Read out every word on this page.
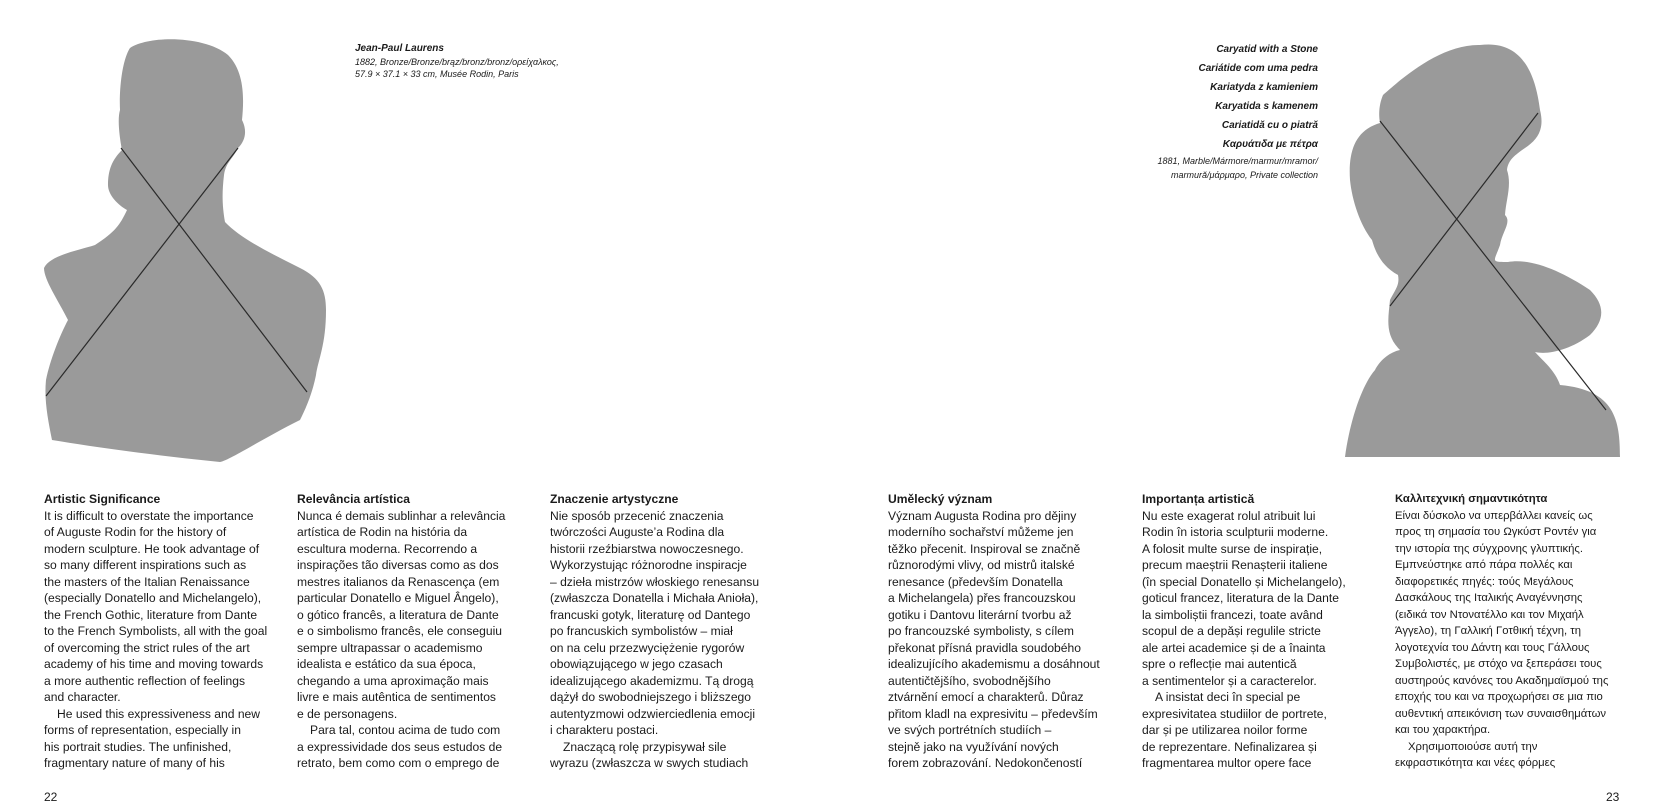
Jean-Paul Laurens

1882, Bronze/Bronze/brąz/bronz/bronz/ορείχαλκος,

57.9 × 37.1 × 33 cm, Musée Rodin, Paris

Caryatid with a Stone

Cariátide com uma pedra

Kariatyda z kamieniem

Karyatida s kamenem

Cariatidă cu o piatră

Καρυάτιδα με πέτρα

1881, Marble/Mármore/marmur/mramor/

marmură/μάρμαρο, Private collection

Artistic Significance

It is difficult to overstate the importance
of Auguste Rodin for the history of
modern sculpture. He took advantage of
so many different inspirations such as
the masters of the Italian Renaissance
(especially Donatello and Michelangelo),
the French Gothic, literature from Dante
to the French Symbolists, all with the goal
of overcoming the strict rules of the art
academy of his time and moving towards
a more authentic reflection of feelings
and character.

He used this expressiveness and new
forms of representation, especially in
his portrait studies. The unfinished,
fragmentary nature of many of his

Relevância artística

Nunca é demais sublinhar a relevância
artística de Rodin na história da
escultura moderna. Recorrendo a
inspirações tão diversas como as dos
mestres italianos da Renascença (em
particular Donatello e Miguel Ângelo),
o gótico francês, a literatura de Dante
e o simbolismo francês, ele conseguiu
sempre ultrapassar o academismo
idealista e estático da sua época,
chegando a uma aproximação mais
livre e mais autêntica de sentimentos
e de personagens.

Para tal, contou acima de tudo com
a expressividade dos seus estudos de
retrato, bem como com o emprego de

Znaczenie artystyczne

Nie sposób przecenić znaczenia
twórczości Auguste’a Rodina dla
historii rzeźbiarstwa nowoczesnego.
Wykorzystując różnorodne inspiracje
– dzieła mistrzów włoskiego renesansu
(zwłaszcza Donatella i Michała Anioła),
francuski gotyk, literaturę od Dantego
po francuskich symbolistów – miał
on na celu przezwyciężenie rygorów
obowiązującego w jego czasach
idealizującego akademizmu. Tą drogą
dążył do swobodniejszego i bliższego
autentyzmowi odzwierciedlenia emocji
i charakteru postaci.

Znaczącą rolę przypisywał sile
wyrazu (zwłaszcza w swych studiach

22

Umělecký význam

Význam Augusta Rodina pro dějiny
moderního sochařství můžeme jen
těžko přecenit. Inspiroval se značně
různorodými vlivy, od mistrů italské
renesance (především Donatella
a Michelangela) přes francouzskou
gotiku i Dantovu literární tvorbu až
po francouzské symbolisty, s cílem
překonat přísná pravidla soudobého
idealizujícího akademismu a dosáhnout
autentičtějšího, svobodnějšího
ztvárnění emocí a charakterů. Důraz
přitom kladl na expresivitu – především
ve svých portrétních studiích –
stejně jako na využívání nových
forem zobrazování. Nedokončeností

Importanța artistică

Nu este exagerat rolul atribuit lui
Rodin în istoria sculpturii moderne.
A folosit multe surse de inspirație,
precum maeștrii Renașterii italiene
(în special Donatello și Michelangelo),
goticul francez, literatura de la Dante
la simboliștii francezi, toate având
scopul de a depăși regulile stricte
ale artei academice și de a înainta
spre o reflecție mai autentică
a sentimentelor și a caracterelor.

A insistat deci în special pe
expresivitatea studiilor de portrete,
dar și pe utilizarea noilor forme
de reprezentare. Nefinalizarea și
fragmentarea multor opere face

Καλλιτεχνική σημαντικότητα

Είναι δύσκολο να υπερβάλλει κανείς ως
προς τη σημασία του Ωγκύστ Ροντέν για
την ιστορία της σύγχρονης γλυπτικής.
Εμπνεύστηκε από πάρα πολλές και
διαφορετικές πηγές: τούς Μεγάλους
Δασκάλους της Ιταλικής Αναγέννησης
(ειδικά τον Ντονατέλλο και τον Μιχαήλ
Άγγελο), τη Γαλλική Γοτθική τέχνη, τη
λογοτεχνία του Δάντη και τους Γάλλους
Συμβολιστές, με στόχο να ξεπεράσει τους
αυστηρούς κανόνες του Ακαδημαϊσμού της
εποχής του και να προχωρήσει σε μια πιο
αυθεντική απεικόνιση των συναισθημάτων
και του χαρακτήρα.

Χρησιμοποιούσε αυτή την
εκφραστικότητα και νέες φόρμες

23
